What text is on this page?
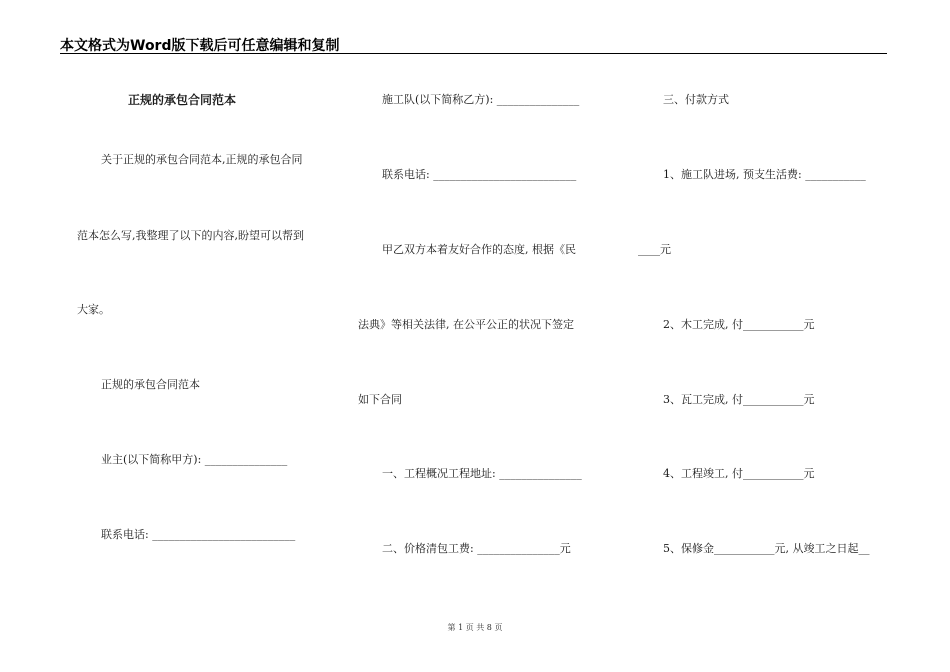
本文格式为Word版下载后可任意编辑和复制
正规的承包合同范本
关于正规的承包合同范本,正规的承包合同
范本怎么写,我整理了以下的内容,盼望可以帮到
大家。
正规的承包合同范本
业主(以下简称甲方): _______________
联系电话: __________________________
施工队(以下简称乙方): _______________
联系电话: __________________________
甲乙双方本着友好合作的态度, 根据《民
法典》等相关法律, 在公平公正的状况下签定
如下合同
一、工程概况工程地址: _______________
二、价格清包工费: _______________元
三、付款方式
1、施工队进场, 预支生活费: ___________
____元
2、木工完成, 付___________元
3、瓦工完成, 付___________元
4、工程竣工, 付___________元
5、保修金___________元, 从竣工之日起__
第 1 页 共 8 页
